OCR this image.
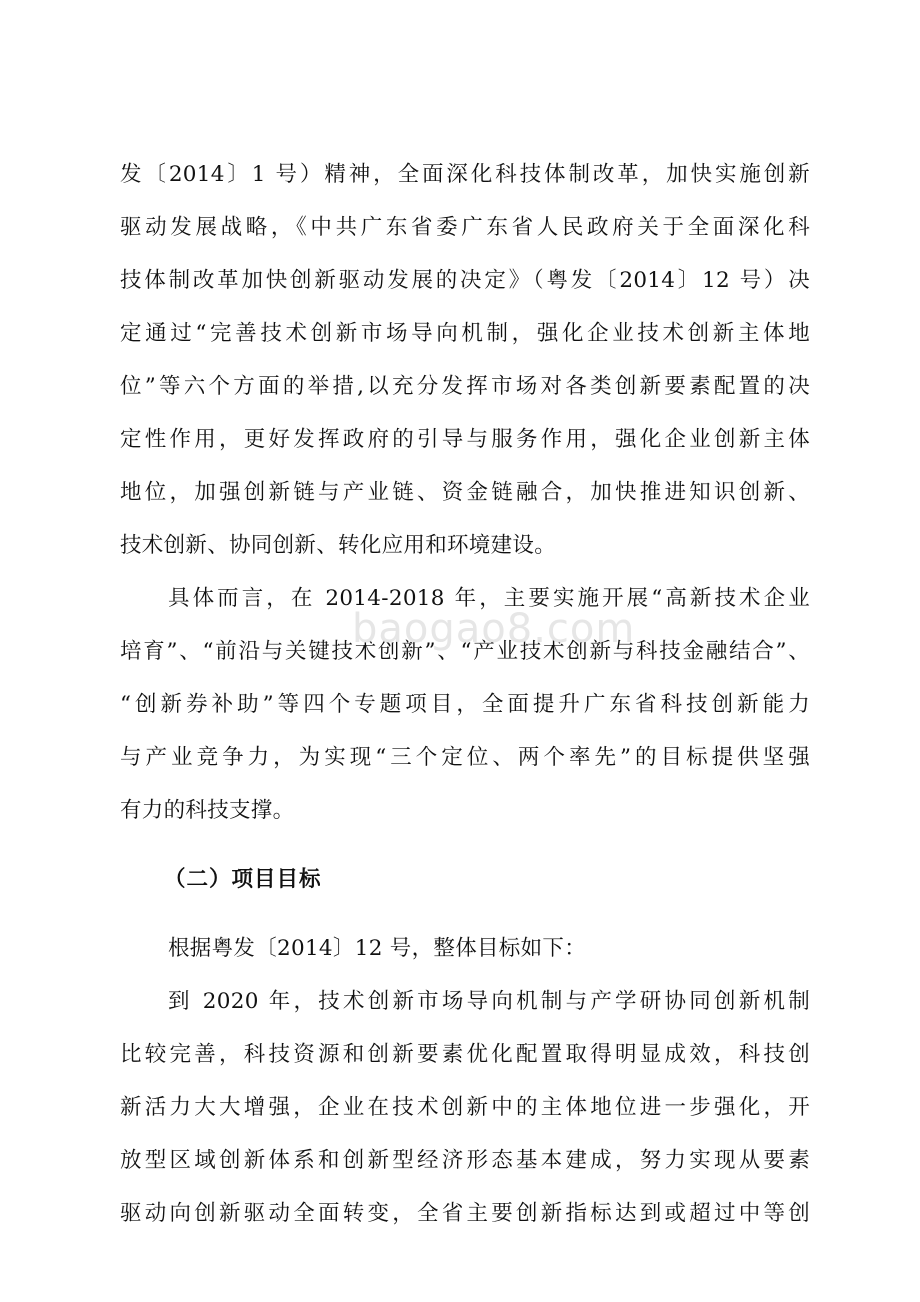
发〔2014〕1 号）精神，全面深化科技体制改革，加快实施创新
驱动发展战略，《中共广东省委广东省人民政府关于全面深化科
技体制改革加快创新驱动发展的决定》（粤发〔2014〕12 号）决
定通过“完善技术创新市场导向机制，强化企业技术创新主体地
位”等六个方面的举措,以充分发挥市场对各类创新要素配置的决
定性作用，更好发挥政府的引导与服务作用，强化企业创新主体
地位，加强创新链与产业链、资金链融合，加快推进知识创新、
技术创新、协同创新、转化应用和环境建设。
具体而言，在 2014-2018 年，主要实施开展“高新技术企业
培育”、“前沿与关键技术创新”、“产业技术创新与科技金融结合”、
“创新券补助”等四个专题项目，全面提升广东省科技创新能力
与产业竞争力，为实现“三个定位、两个率先”的目标提供坚强
有力的科技支撑。
（二）项目目标
根据粤发〔2014〕12 号，整体目标如下：
到 2020 年，技术创新市场导向机制与产学研协同创新机制
比较完善，科技资源和创新要素优化配置取得明显成效，科技创
新活力大大增强，企业在技术创新中的主体地位进一步强化，开
放型区域创新体系和创新型经济形态基本建成，努力实现从要素
驱动向创新驱动全面转变，全省主要创新指标达到或超过中等创
baogao8.com
